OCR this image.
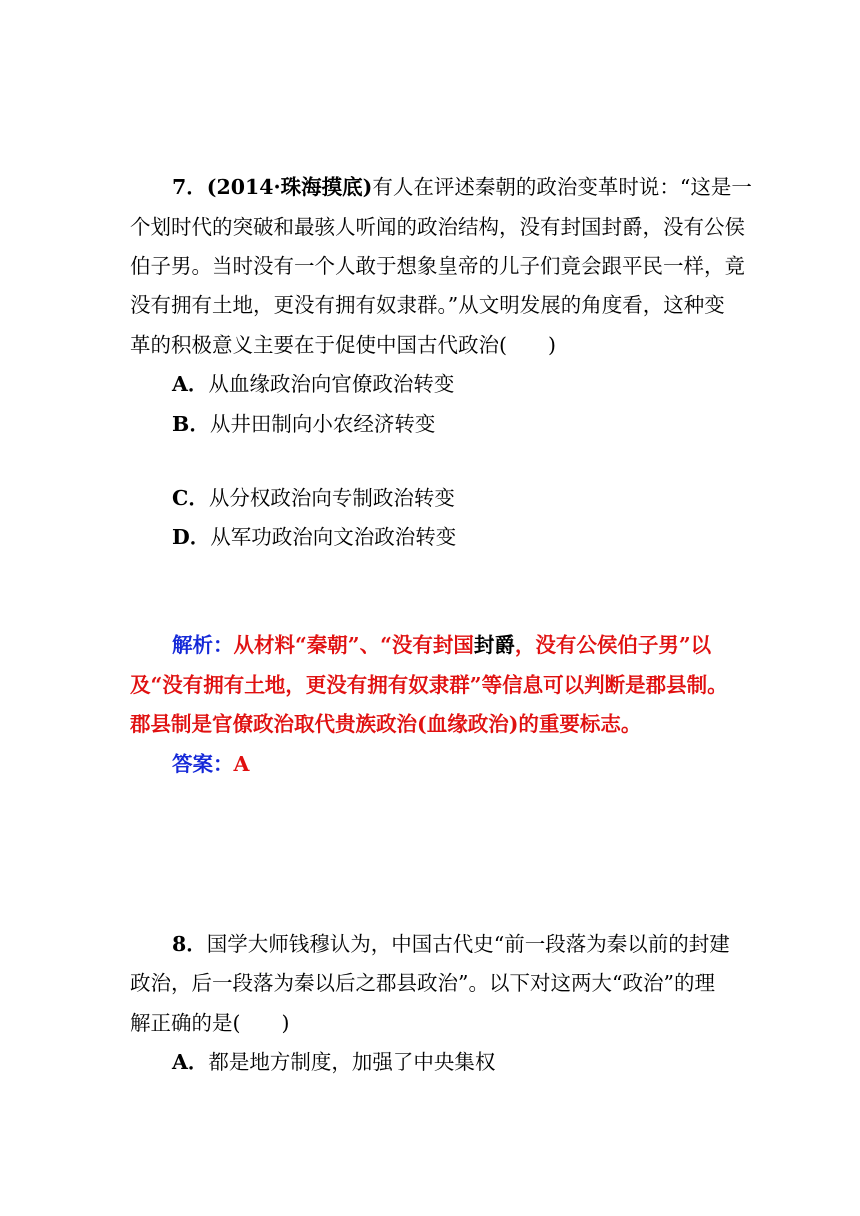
7．(2014·珠海摸底)有人在评述秦朝的政治变革时说：“这是一
个划时代的突破和最骇人听闻的政治结构，没有封国封爵，没有公侯
伯子男。当时没有一个人敢于想象皇帝的儿子们竟会跟平民一样，竟
没有拥有土地，更没有拥有奴隶群。”从文明发展的角度看，这种变
革的积极意义主要在于促使中国古代政治(　　)
A．从血缘政治向官僚政治转变
B．从井田制向小农经济转变
C．从分权政治向专制政治转变
D．从军功政治向文治政治转变
解析：从材料“秦朝”、“没有封国封爵，没有公侯伯子男”以
及“没有拥有土地，更没有拥有奴隶群”等信息可以判断是郡县制。
郡县制是官僚政治取代贵族政治(血缘政治)的重要标志。
答案：A
8．国学大师钱穆认为，中国古代史“前一段落为秦以前的封建
政治，后一段落为秦以后之郡县政治”。以下对这两大“政治”的理
解正确的是(　　)
A．都是地方制度，加强了中央集权
